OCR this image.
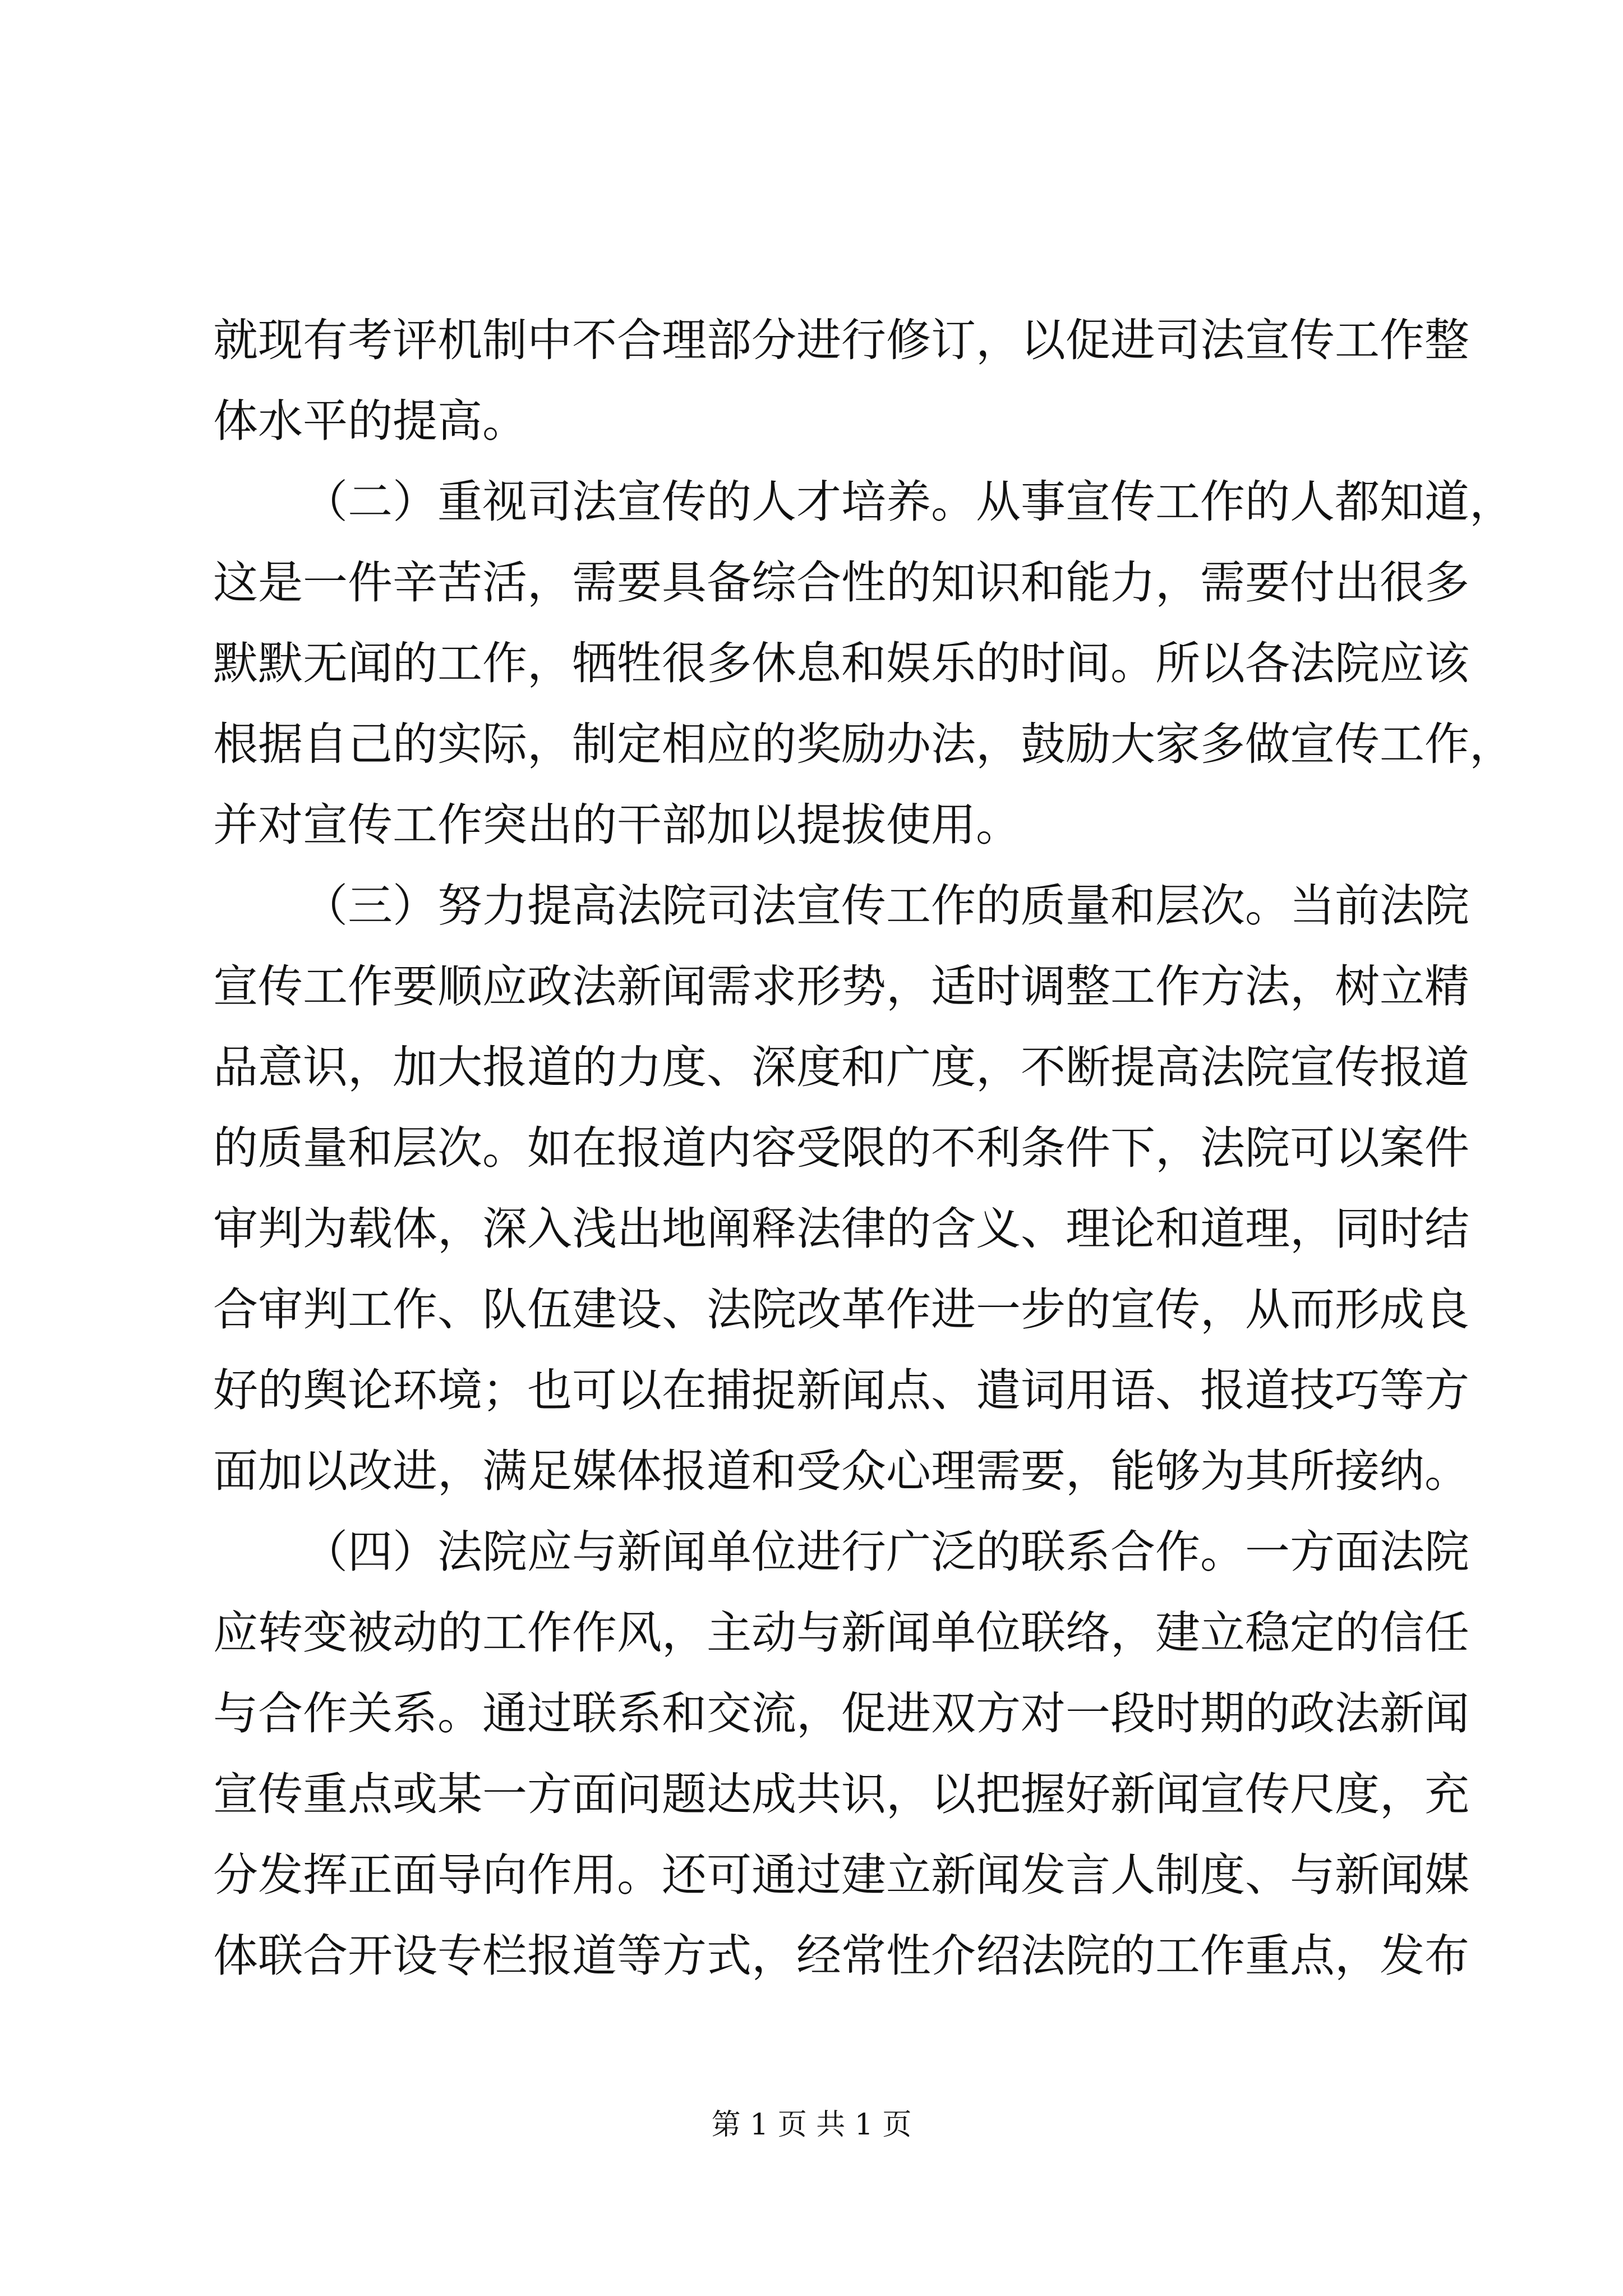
就现有考评机制中不合理部分进行修订，以促进司法宣传工作整
体水平的提高。
（二）重视司法宣传的人才培养。从事宣传工作的人都知道，
这是一件辛苦活，需要具备综合性的知识和能力，需要付出很多
默默无闻的工作，牺牲很多休息和娱乐的时间。所以各法院应该
根据自己的实际，制定相应的奖励办法，鼓励大家多做宣传工作，
并对宣传工作突出的干部加以提拔使用。
（三）努力提高法院司法宣传工作的质量和层次。当前法院
宣传工作要顺应政法新闻需求形势，适时调整工作方法，树立精
品意识，加大报道的力度、深度和广度，不断提高法院宣传报道
的质量和层次。如在报道内容受限的不利条件下，法院可以案件
审判为载体，深入浅出地阐释法律的含义、理论和道理，同时结
合审判工作、队伍建设、法院改革作进一步的宣传，从而形成良
好的舆论环境；也可以在捕捉新闻点、遣词用语、报道技巧等方
面加以改进，满足媒体报道和受众心理需要，能够为其所接纳。
（四）法院应与新闻单位进行广泛的联系合作。一方面法院
应转变被动的工作作风，主动与新闻单位联络，建立稳定的信任
与合作关系。通过联系和交流，促进双方对一段时期的政法新闻
宣传重点或某一方面问题达成共识，以把握好新闻宣传尺度，充
分发挥正面导向作用。还可通过建立新闻发言人制度、与新闻媒
体联合开设专栏报道等方式，经常性介绍法院的工作重点，发布
第 1 页 共 1 页
